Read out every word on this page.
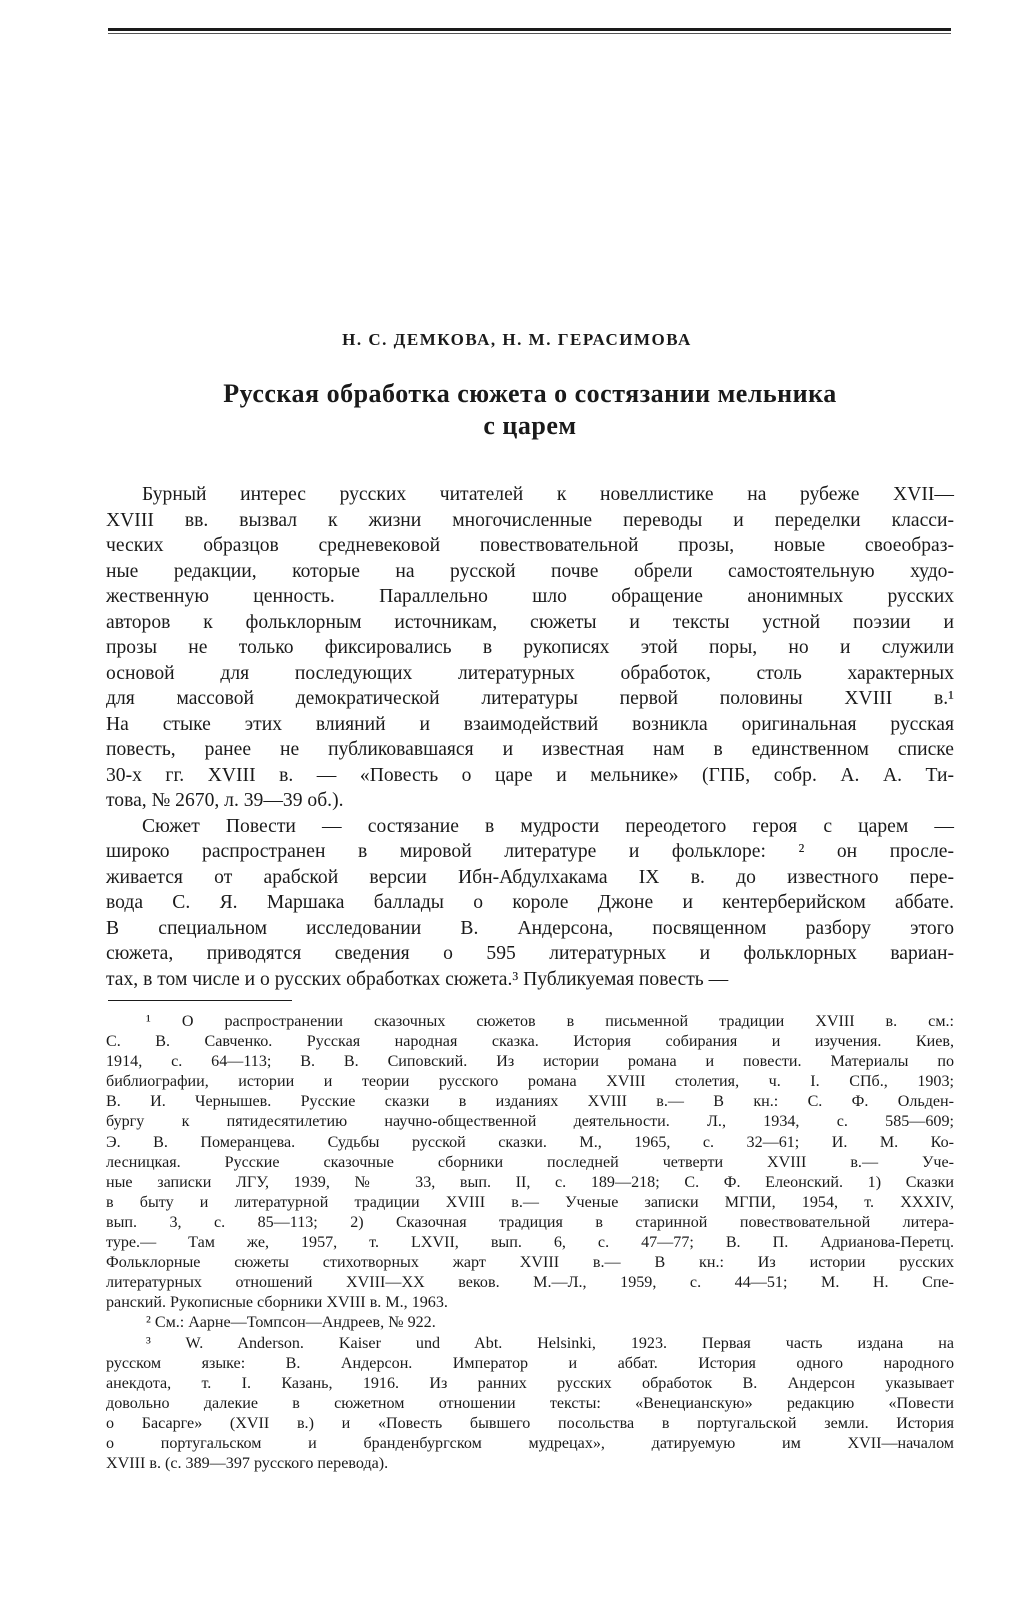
Н. С. ДЕМКОВА, Н. М. ГЕРАСИМОВА
Русская обработка сюжета о состязании мельника
с царем
Бурный интерес русских читателей к новеллистике на рубеже XVII—
XVIII вв. вызвал к жизни многочисленные переводы и переделки класси-
ческих образцов средневековой повествовательной прозы, новые своеобраз-
ные редакции, которые на русской почве обрели самостоятельную худо-
жественную ценность. Параллельно шло обращение анонимных русских
авторов к фольклорным источникам, сюжеты и тексты устной поэзии и
прозы не только фиксировались в рукописях этой поры, но и служили
основой для последующих литературных обработок, столь характерных
для массовой демократической литературы первой половины XVIII в.¹
На стыке этих влияний и взаимодействий возникла оригинальная русская
повесть, ранее не публиковавшаяся и известная нам в единственном списке
30-х гг. XVIII в. — «Повесть о царе и мельнике» (ГПБ, собр. А. А. Ти-
това, № 2670, л. 39—39 об.).
Сюжет Повести — состязание в мудрости переодетого героя с царем —
широко распространен в мировой литературе и фольклоре: ² он просле-
живается от арабской версии Ибн-Абдулхакама IX в. до известного пере-
вода С. Я. Маршака баллады о короле Джоне и кентерберийском аббате.
В специальном исследовании В. Андерсона, посвященном разбору этого
сюжета, приводятся сведения о 595 литературных и фольклорных вариан-
тах, в том числе и о русских обработках сюжета.³ Публикуемая повесть —
¹ О распространении сказочных сюжетов в письменной традиции XVIII в. см.:
С. В. Савченко. Русская народная сказка. История собирания и изучения. Киев,
1914, с. 64—113; В. В. Сиповский. Из истории романа и повести. Материалы по
библиографии, истории и теории русского романа XVIII столетия, ч. I. СПб., 1903;
В. И. Чернышев. Русские сказки в изданиях XVIII в.— В кн.: С. Ф. Ольден-
бургу к пятидесятилетию научно-общественной деятельности. Л., 1934, с. 585—609;
Э. В. Померанцева. Судьбы русской сказки. М., 1965, с. 32—61; И. М. Ко-
лесницкая. Русские сказочные сборники последней четверти XVIII в.— Уче-
ные записки ЛГУ, 1939, № 33, вып. II, с. 189—218; С. Ф. Елеонский. 1) Сказки
в быту и литературной традиции XVIII в.— Ученые записки МГПИ, 1954, т. XXXIV,
вып. 3, с. 85—113; 2) Сказочная традиция в старинной повествовательной литера-
туре.— Там же, 1957, т. LXVII, вып. 6, с. 47—77; В. П. Адрианова-Перетц.
Фольклорные сюжеты стихотворных жарт XVIII в.— В кн.: Из истории русских
литературных отношений XVIII—XX веков. М.—Л., 1959, с. 44—51; М. Н. Спе-
ранский. Рукописные сборники XVIII в. М., 1963.
² См.: Аарне—Томпсон—Андреев, № 922.
³ W. Anderson. Kaiser und Abt. Helsinki, 1923. Первая часть издана на
русском языке: В. Андерсон. Император и аббат. История одного народного
анекдота, т. I. Казань, 1916. Из ранних русских обработок В. Андерсон указывает
довольно далекие в сюжетном отношении тексты: «Венецианскую» редакцию «Повести
о Басарге» (XVII в.) и «Повесть бывшего посольства в португальской земли. История
о португальском и бранденбургском мудрецах», датируемую им XVII—началом
XVIII в. (с. 389—397 русского перевода).
